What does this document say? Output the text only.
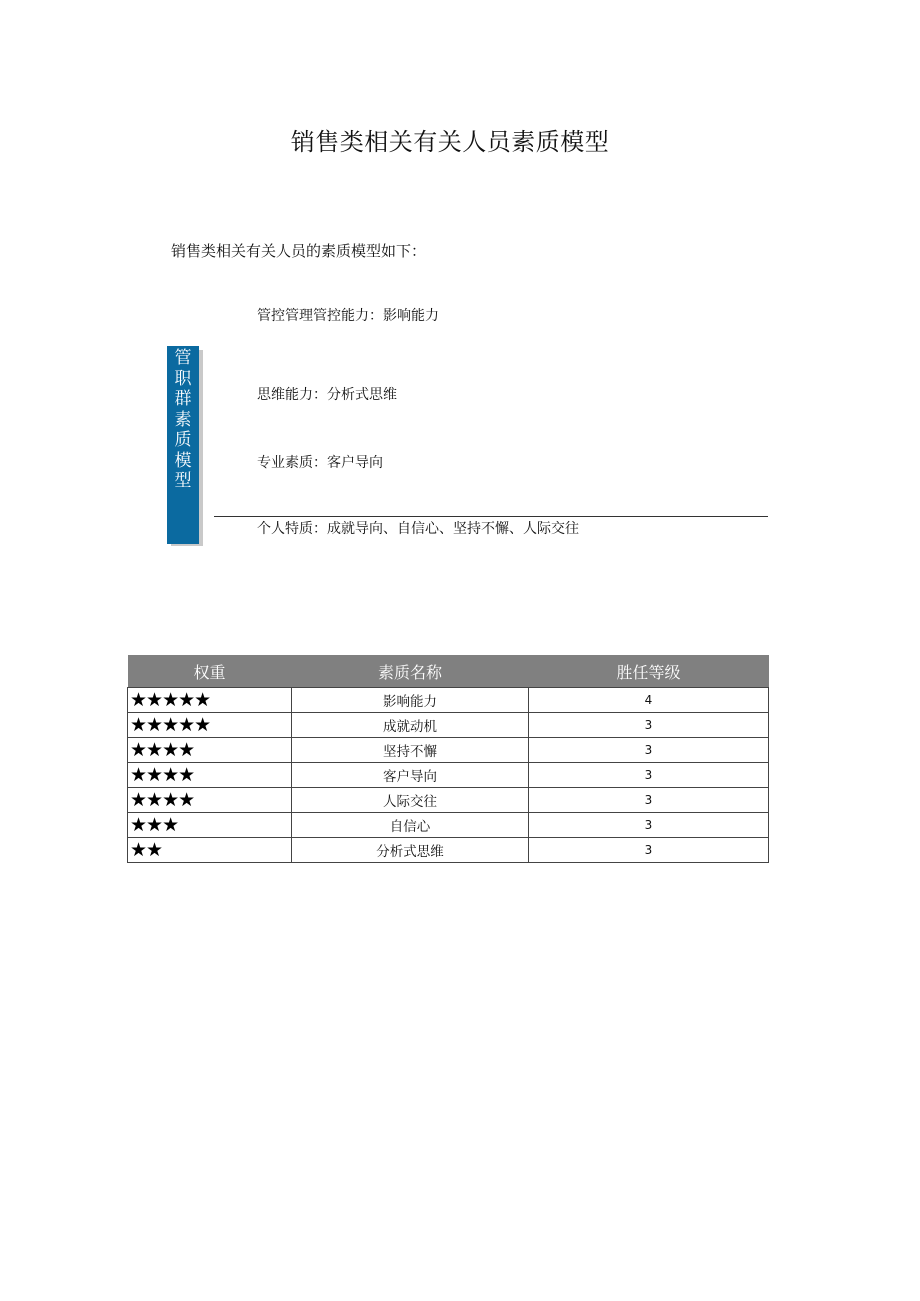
销售类相关有关人员素质模型
销售类相关有关人员的素质模型如下：
管职群素质模型
管控管理管控能力：影响能力
思维能力：分析式思维
专业素质：客户导向
个人特质：成就导向、自信心、坚持不懈、人际交往
权重	素质名称	胜任等级
★★★★★	影响能力	4
★★★★★	成就动机	3
★★★★	坚持不懈	3
★★★★	客户导向	3
★★★★	人际交往	3
★★★	自信心	3
★★	分析式思维	3
